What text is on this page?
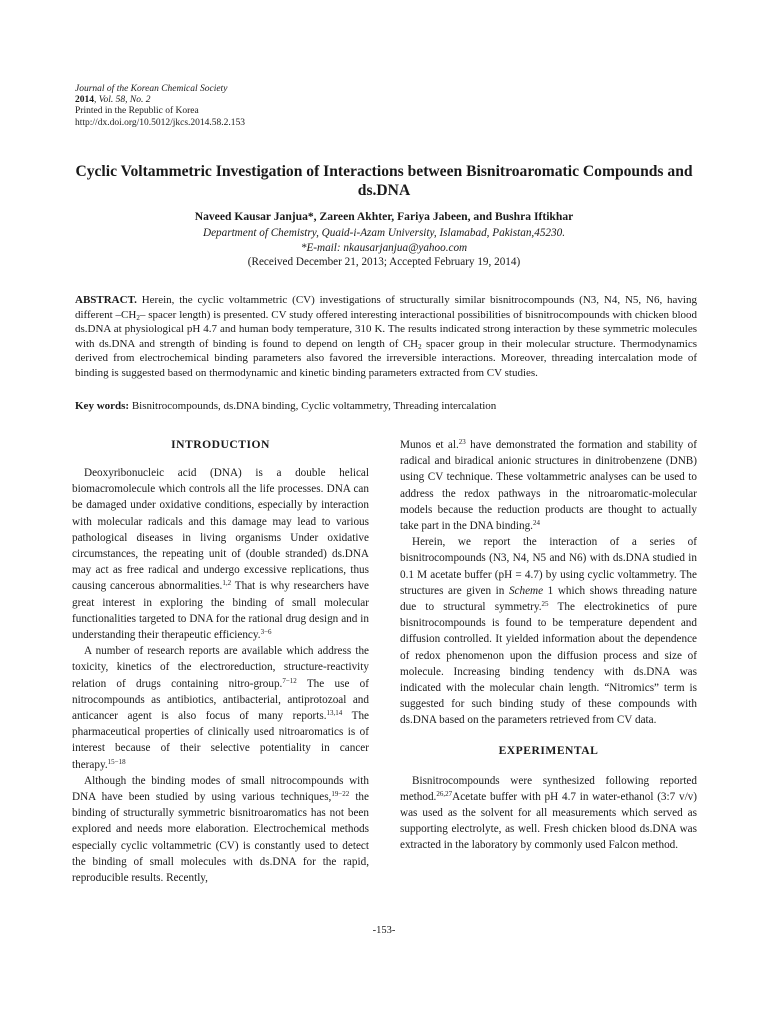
Journal of the Korean Chemical Society
2014, Vol. 58, No. 2
Printed in the Republic of Korea
http://dx.doi.org/10.5012/jkcs.2014.58.2.153
Cyclic Voltammetric Investigation of Interactions between Bisnitroaromatic Compounds and ds.DNA
Naveed Kausar Janjua*, Zareen Akhter, Fariya Jabeen, and Bushra Iftikhar
Department of Chemistry, Quaid-i-Azam University, Islamabad, Pakistan,45230.
*E-mail: nkausarjanjua@yahoo.com
(Received December 21, 2013; Accepted February 19, 2014)
ABSTRACT. Herein, the cyclic voltammetric (CV) investigations of structurally similar bisnitrocompounds (N3, N4, N5, N6, having different $-CH_2-$ spacer length) is presented. CV study offered interesting interactional possibilities of bisnitrocompounds with chicken blood ds.DNA at physiological pH 4.7 and human body temperature, 310 K. The results indicated strong interaction by these symmetric molecules with ds.DNA and strength of binding is found to depend on length of $CH_2$ spacer group in their molecular structure. Thermodynamics derived from electrochemical binding parameters also favored the irreversible interactions. Moreover, threading intercalation mode of binding is suggested based on thermodynamic and kinetic binding parameters extracted from CV studies.
Key words: Bisnitrocompounds, ds.DNA binding, Cyclic voltammetry, Threading intercalation
INTRODUCTION

Deoxyribonucleic acid (DNA) is a double helical biomacromolecule which controls all the life processes. DNA can be damaged under oxidative conditions, especially by interaction with molecular radicals and this damage may lead to various pathological diseases in living organisms Under oxidative circumstances, the repeating unit of (double stranded) ds.DNA may act as free radical and undergo excessive replications, thus causing cancerous abnormalities.$^{1,2}$ That is why researchers have great interest in exploring the binding of small molecular functionalities targeted to DNA for the rational drug design and in understanding their therapeutic efficiency.$^{3-6}$

A number of research reports are available which address the toxicity, kinetics of the electroreduction, structure-reactivity relation of drugs containing nitro-group.$^{7-12}$ The use of nitrocompounds as antibiotics, antibacterial, antiprotozoal and anticancer agent is also focus of many reports.$^{13,14}$ The pharmaceutical properties of clinically used nitroaromatics is of interest because of their selective potentiality in cancer therapy.$^{15-18}$

Although the binding modes of small nitrocompounds with DNA have been studied by using various techniques,$^{19-22}$ the binding of structurally symmetric bisnitroaromatics has not been explored and needs more elaboration. Electrochemical methods especially cyclic voltammetric (CV) is constantly used to detect the binding of small molecules with ds.DNA for the rapid, reproducible results. Recently,

Munos et al.$^{23}$ have demonstrated the formation and stability of radical and biradical anionic structures in dinitrobenzene (DNB) using CV technique. These voltammetric analyses can be used to address the redox pathways in the nitroaromatic-molecular models because the reduction products are thought to actually take part in the DNA binding.$^{24}$

Herein, we report the interaction of a series of bisnitrocompounds (N3, N4, N5 and N6) with ds.DNA studied in 0.1 M acetate buffer (pH = 4.7) by using cyclic voltammetry. The structures are given in Scheme 1 which shows threading nature due to structural symmetry.$^{25}$ The electrokinetics of pure bisnitrocompounds is found to be temperature dependent and diffusion controlled. It yielded information about the dependence of redox phenomenon upon the diffusion process and size of molecule. Increasing binding tendency with ds.DNA was indicated with the molecular chain length. “Nitromics” term is suggested for such binding study of these compounds with ds.DNA based on the parameters retrieved from CV data.

EXPERIMENTAL

Bisnitrocompounds were synthesized following reported method.$^{26,27}$Acetate buffer with pH 4.7 in water-ethanol (3:7 v/v) was used as the solvent for all measurements which served as supporting electrolyte, as well. Fresh chicken blood ds.DNA was extracted in the laboratory by commonly used Falcon method.

-153-
